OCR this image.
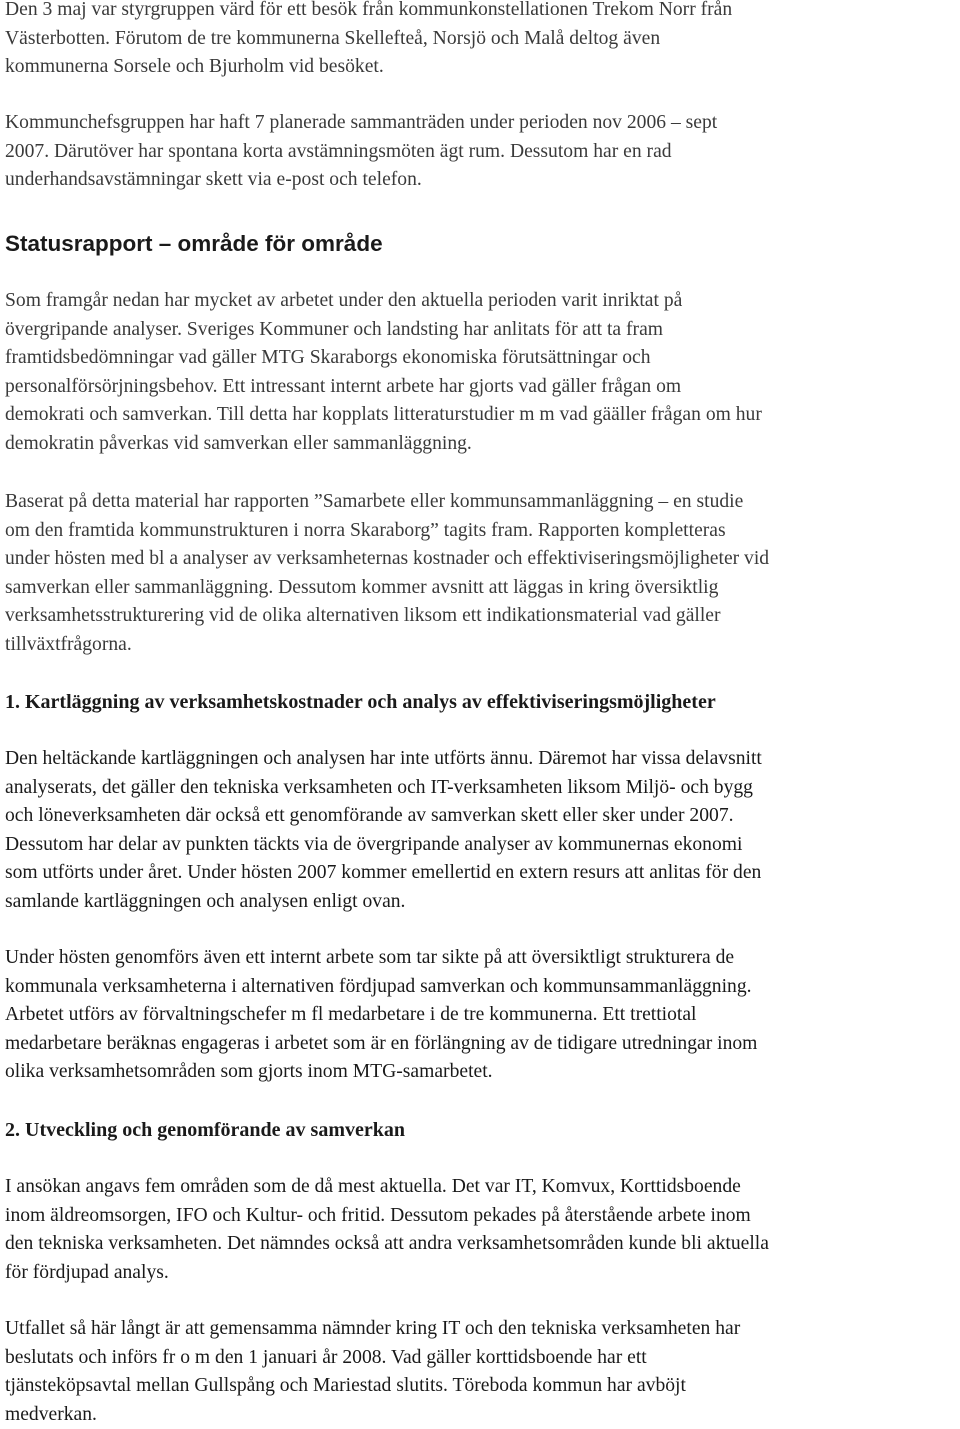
Den 3 maj var styrgruppen värd för ett besök från kommunkonstellationen Trekom Norr från
Västerbotten. Förutom de tre kommunerna Skellefteå, Norsjö och Malå deltog även
kommunerna Sorsele och Bjurholm vid besöket.

Kommunchefsgruppen har haft 7 planerade sammanträden under perioden nov 2006 – sept
2007. Därutöver har spontana korta avstämningsmöten ägt rum. Dessutom har en rad
underhandsavstämningar skett via e-post och telefon.

Statusrapport – område för område

Som framgår nedan har mycket av arbetet under den aktuella perioden varit inriktat på
övergripande analyser. Sveriges Kommuner och landsting har anlitats för att ta fram
framtidsbedömningar vad gäller MTG Skaraborgs ekonomiska förutsättningar och
personalförsörjningsbehov. Ett intressant internt arbete har gjorts vad gäller frågan om
demokrati och samverkan. Till detta har kopplats litteraturstudier m m vad gääller frågan om hur
demokratin påverkas vid samverkan eller sammanläggning.

Baserat på detta material har rapporten ”Samarbete eller kommunsammanläggning – en studie
om den framtida kommunstrukturen i norra Skaraborg” tagits fram. Rapporten kompletteras
under hösten med bl a analyser av verksamheternas kostnader och effektiviseringsmöjligheter vid
samverkan eller sammanläggning. Dessutom kommer avsnitt att läggas in kring översiktlig
verksamhetsstrukturering vid de olika alternativen liksom ett indikationsmaterial vad gäller
tillväxtfrågorna.

1. Kartläggning av verksamhetskostnader och analys av effektiviseringsmöjligheter

Den heltäckande kartläggningen och analysen har inte utförts ännu. Däremot har vissa delavsnitt
analyserats, det gäller den tekniska verksamheten och IT-verksamheten liksom Miljö- och bygg
och löneverksamheten där också ett genomförande av samverkan skett eller sker under 2007.
Dessutom har delar av punkten täckts via de övergripande analyser av kommunernas ekonomi
som utförts under året. Under hösten 2007 kommer emellertid en extern resurs att anlitas för den
samlande kartläggningen och analysen enligt ovan.

Under hösten genomförs även ett internt arbete som tar sikte på att översiktligt strukturera de
kommunala verksamheterna i alternativen fördjupad samverkan och kommunsammanläggning.
Arbetet utförs av förvaltningschefer m fl medarbetare i de tre kommunerna. Ett trettiotal
medarbetare beräknas engageras i arbetet som är en förlängning av de tidigare utredningar inom
olika verksamhetsområden som gjorts inom MTG-samarbetet.

2. Utveckling och genomförande av samverkan

I ansökan angavs fem områden som de då mest aktuella. Det var IT, Komvux, Korttidsboende
inom äldreomsorgen, IFO och Kultur- och fritid. Dessutom pekades på återstående arbete inom
den tekniska verksamheten. Det nämndes också att andra verksamhetsområden kunde bli aktuella
för fördjupad analys.

Utfallet så här långt är att gemensamma nämnder kring IT och den tekniska verksamheten har
beslutats och införs fr o m den 1 januari år 2008. Vad gäller korttidsboende har ett
tjänsteköpsavtal mellan Gullspång och Mariestad slutits. Töreboda kommun har avböjt
medverkan.
